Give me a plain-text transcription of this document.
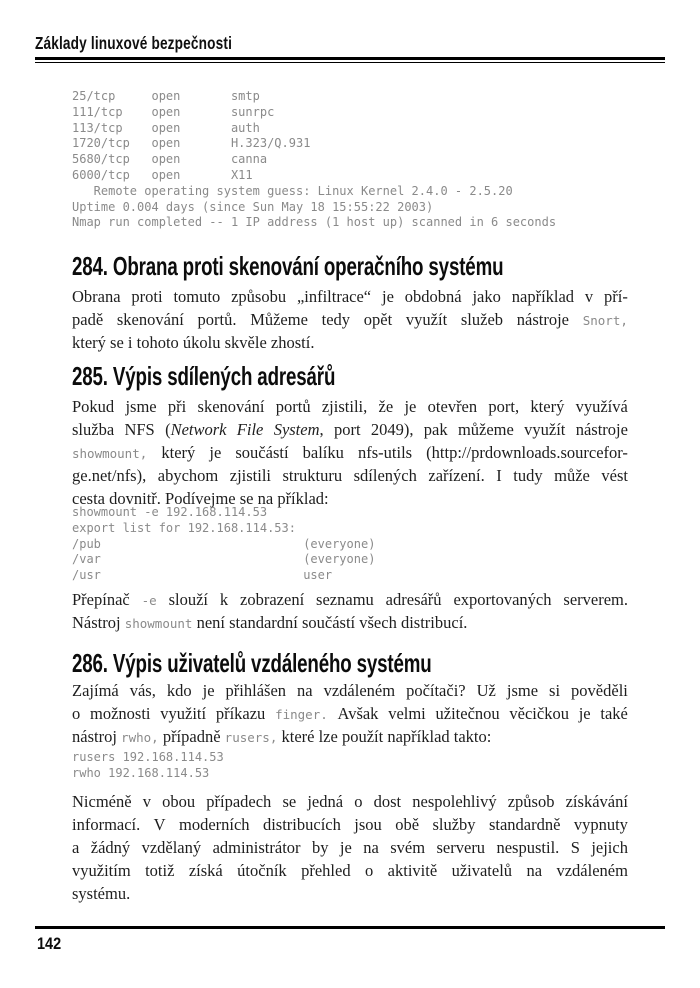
Základy linuxové bezpečnosti
25/tcp     open       smtp
111/tcp    open       sunrpc
113/tcp    open       auth
1720/tcp   open       H.323/Q.931
5680/tcp   open       canna
6000/tcp   open       X11
Remote operating system guess: Linux Kernel 2.4.0 - 2.5.20
Uptime 0.004 days (since Sun May 18 15:55:22 2003)
Nmap run completed -- 1 IP address (1 host up) scanned in 6 seconds
284. Obrana proti skenování operačního systému
Obrana proti tomuto způsobu „infiltrace“ je obdobná jako například v pří-
padě skenování portů. Můžeme tedy opět využít služeb nástroje Snort,
který se i tohoto úkolu skvěle zhostí.
285. Výpis sdílených adresářů
Pokud jsme při skenování portů zjistili, že je otevřen port, který využívá
služba NFS (Network File System, port 2049), pak můžeme využít nástroje
showmount, který je součástí balíku nfs-utils (http://prdownloads.sourcefor-
ge.net/nfs), abychom zjistili strukturu sdílených zařízení. I tudy může vést
cesta dovnitř. Podívejme se na příklad:
showmount -e 192.168.114.53
export list for 192.168.114.53:
/pub                            (everyone)
/var                            (everyone)
/usr                            user
Přepínač -e slouží k zobrazení seznamu adresářů exportovaných serverem.
Nástroj showmount není standardní součástí všech distribucí.
286. Výpis uživatelů vzdáleného systému
Zajímá vás, kdo je přihlášen na vzdáleném počítači? Už jsme si pověděli
o možnosti využití příkazu finger. Avšak velmi užitečnou věcičkou je také
nástroj rwho, případně rusers, které lze použít například takto:
rusers 192.168.114.53
rwho 192.168.114.53
Nicméně v obou případech se jedná o dost nespolehlivý způsob získávání
informací. V moderních distribucích jsou obě služby standardně vypnuty
a žádný vzdělaný administrátor by je na svém serveru nespustil. S jejich
využitím totiž získá útočník přehled o aktivitě uživatelů na vzdáleném
systému.
142
